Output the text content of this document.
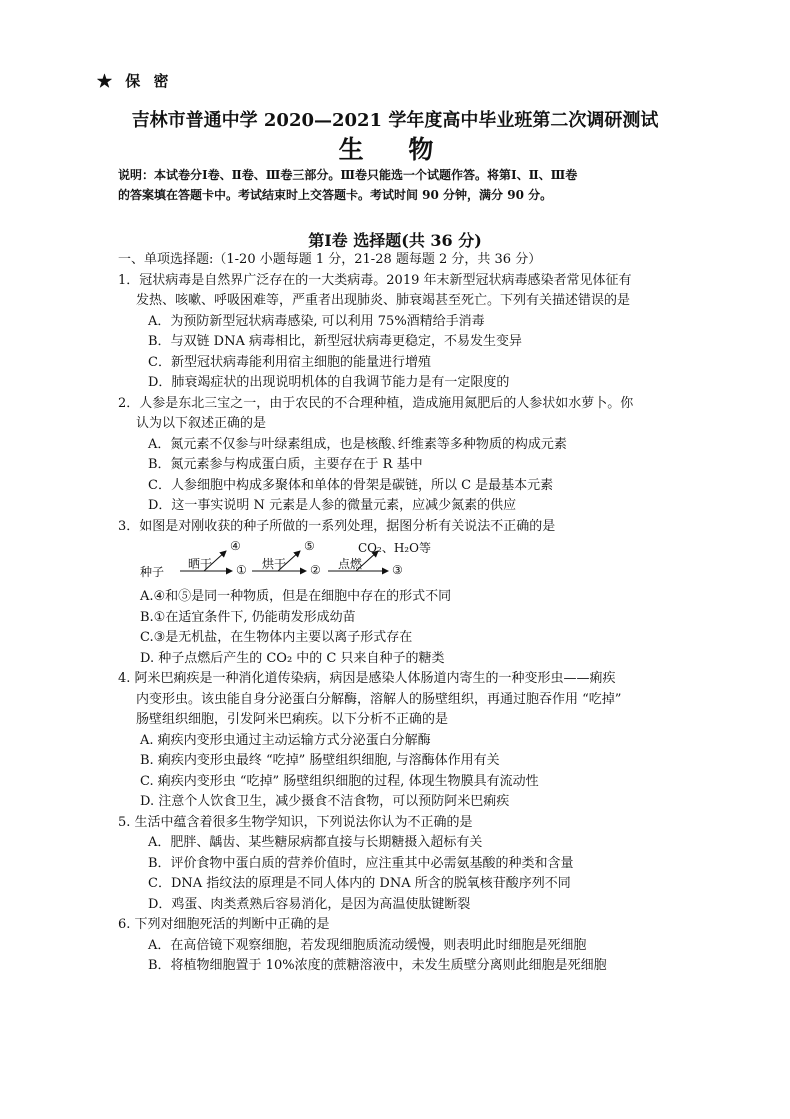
★ 保 密
吉林市普通中学 2020—2021 学年度高中毕业班第二次调研测试
生 物
说明：本试卷分Ⅰ卷、Ⅱ卷、Ⅲ卷三部分。Ⅲ卷只能选一个试题作答。将第Ⅰ、Ⅱ、Ⅲ卷
的答案填在答题卡中。考试结束时上交答题卡。考试时间 90 分钟，满分 90 分。
第Ⅰ卷 选择题(共 36 分)
一、单项选择题:（1-20 小题每题 1 分，21-28 题每题 2 分，共 36 分）
1．冠状病毒是自然界广泛存在的一大类病毒。2019 年末新型冠状病毒感染者常见体征有
发热、咳嗽、呼吸困难等，严重者出现肺炎、肺衰竭甚至死亡。下列有关描述错误的是
A．为预防新型冠状病毒感染, 可以利用 75%酒精给手消毒
B．与双链 DNA 病毒相比，新型冠状病毒更稳定，不易发生变异
C．新型冠状病毒能利用宿主细胞的能量进行增殖
D．肺衰竭症状的出现说明机体的自我调节能力是有一定限度的
2．人参是东北三宝之一，由于农民的不合理种植，造成施用氮肥后的人参状如水萝卜。你
认为以下叙述正确的是
A．氮元素不仅参与叶绿素组成，也是核酸､纤维素等多种物质的构成元素
B．氮元素参与构成蛋白质，主要存在于 R 基中
C．人参细胞中构成多聚体和单体的骨架是碳链，所以 C 是最基本元素
D．这一事实说明 N 元素是人参的微量元素，应减少氮素的供应
3．如图是对刚收获的种子所做的一系列处理，据图分析有关说法不正确的是
种子
晒干
④
① 烘干
⑤
② 点燃
CO₂、H₂O等
③
A.④和⑤是同一种物质，但是在细胞中存在的形式不同
B.①在适宜条件下, 仍能萌发形成幼苗
C.③是无机盐，在生物体内主要以离子形式存在
D. 种子点燃后产生的 CO₂ 中的 C 只来自种子的糖类
4. 阿米巴痢疾是一种消化道传染病，病因是感染人体肠道内寄生的一种变形虫——痢疾
内变形虫。该虫能自身分泌蛋白分解酶，溶解人的肠壁组织，再通过胞吞作用 “吃掉”
肠壁组织细胞，引发阿米巴痢疾。以下分析不正确的是
A. 痢疾内变形虫通过主动运输方式分泌蛋白分解酶
B. 痢疾内变形虫最终 “吃掉” 肠壁组织细胞, 与溶酶体作用有关
C. 痢疾内变形虫 “吃掉” 肠壁组织细胞的过程, 体现生物膜具有流动性
D. 注意个人饮食卫生，减少摄食不洁食物，可以预防阿米巴痢疾
5. 生活中蕴含着很多生物学知识，下列说法你认为不正确的是
A．肥胖、龋齿、某些糖尿病都直接与长期糖摄入超标有关
B．评价食物中蛋白质的营养价值时，应注重其中必需氨基酸的种类和含量
C．DNA 指纹法的原理是不同人体内的 DNA 所含的脱氧核苷酸序列不同
D．鸡蛋、肉类煮熟后容易消化，是因为高温使肽键断裂
6. 下列对细胞死活的判断中正确的是
A．在高倍镜下观察细胞，若发现细胞质流动缓慢，则表明此时细胞是死细胞
B．将植物细胞置于 10%浓度的蔗糖溶液中，未发生质壁分离则此细胞是死细胞
